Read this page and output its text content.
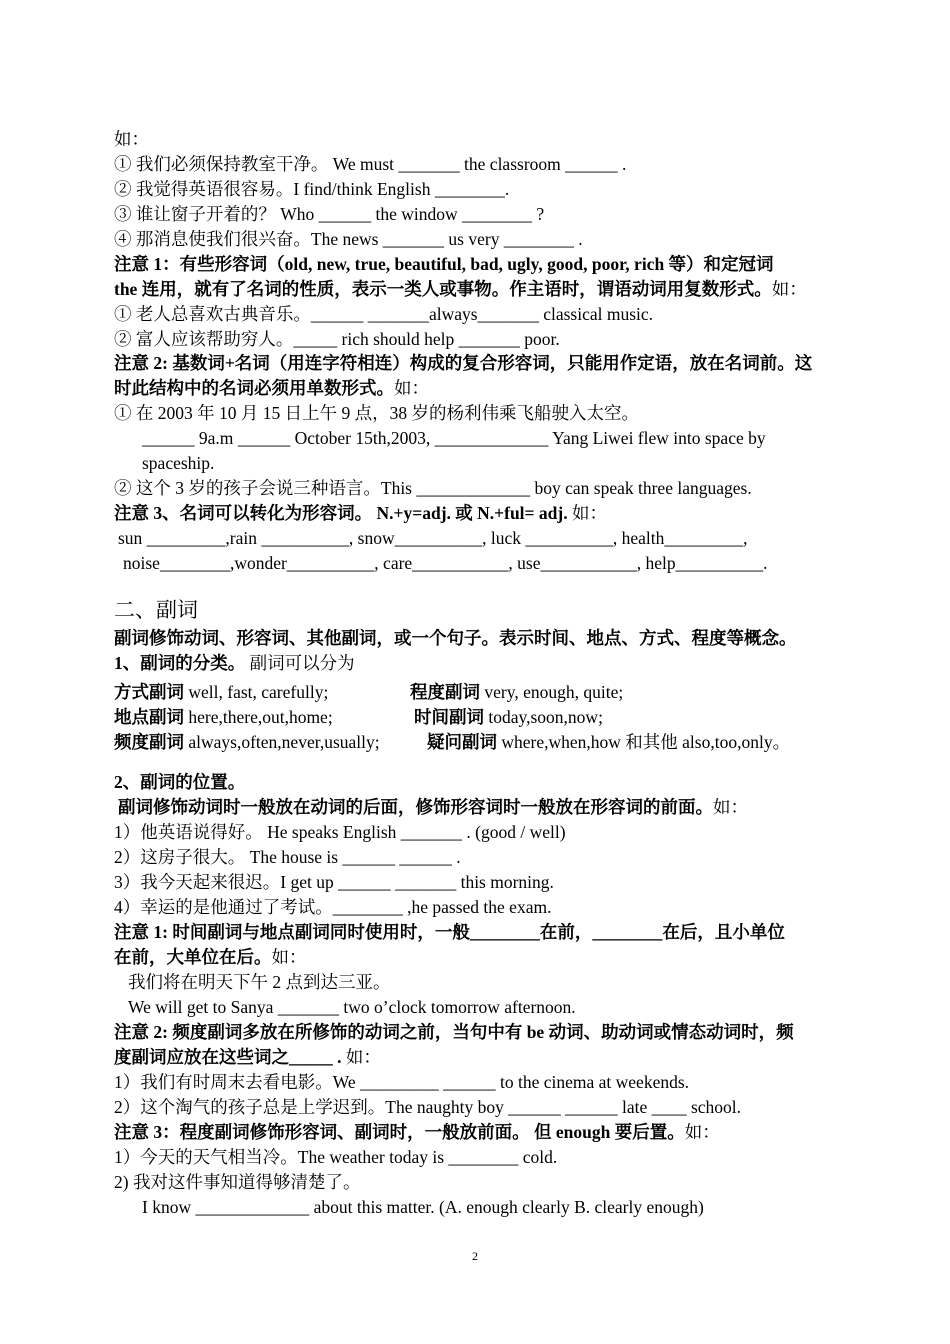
如：
① 我们必须保持教室干净。 We must _______ the classroom ______ .
② 我觉得英语很容易。I find/think English ________.
③ 谁让窗子开着的？ Who ______ the window ________ ?
④ 那消息使我们很兴奋。The news _______ us very ________ .
注意 1：有些形容词（old, new, true, beautiful, bad, ugly, good, poor, rich 等）和定冠词
the 连用，就有了名词的性质，表示一类人或事物。作主语时，谓语动词用复数形式。如：
① 老人总喜欢古典音乐。______ _______always_______ classical music.
② 富人应该帮助穷人。_____ rich should help _______ poor.
注意 2: 基数词+名词（用连字符相连）构成的复合形容词，只能用作定语，放在名词前。这
时此结构中的名词必须用单数形式。如：
① 在 2003 年 10 月 15 日上午 9 点，38 岁的杨利伟乘飞船驶入太空。
______ 9a.m ______ October 15th,2003, _____________ Yang Liwei flew into space by
spaceship.
② 这个 3 岁的孩子会说三种语言。This _____________ boy can speak three languages.
注意 3、名词可以转化为形容词。 N.+y=adj. 或 N.+ful= adj. 如：
sun _________,rain __________, snow__________, luck __________, health_________,
noise________,wonder__________, care___________, use___________, help__________.
二、副词
副词修饰动词、形容词、其他副词，或一个句子。表示时间、地点、方式、程度等概念。
1、副词的分类。 副词可以分为
2、副词的位置。
副词修饰动词时一般放在动词的后面，修饰形容词时一般放在形容词的前面。如：
1）他英语说得好。 He speaks English _______ . (good / well)
2）这房子很大。 The house is ______ ______ .
3）我今天起来很迟。I get up ______ _______ this morning.
4）幸运的是他通过了考试。________ ,he passed the exam.
注意 1: 时间副词与地点副词同时使用时，一般________在前，________在后，且小单位
在前，大单位在后。如：
我们将在明天下午 2 点到达三亚。
We will get to Sanya _______ two o’clock tomorrow afternoon.
注意 2: 频度副词多放在所修饰的动词之前，当句中有 be 动词、助动词或情态动词时，频
度副词应放在这些词之_____ . 如：
1）我们有时周末去看电影。We _________ ______ to the cinema at weekends.
2）这个淘气的孩子总是上学迟到。The naughty boy ______ ______ late ____ school.
注意 3：程度副词修饰形容词、副词时，一般放前面。 但 enough 要后置。如：
1）今天的天气相当冷。The weather today is ________ cold.
2) 我对这件事知道得够清楚了。
I know _____________ about this matter. (A. enough clearly B. clearly enough)
方式副词 well, fast, carefully;	程度副词 very, enough, quite;
地点副词 here,there,out,home;	时间副词 today,soon,now;
频度副词 always,often,never,usually;	疑问副词 where,when,how 和其他 also,too,only。
2
